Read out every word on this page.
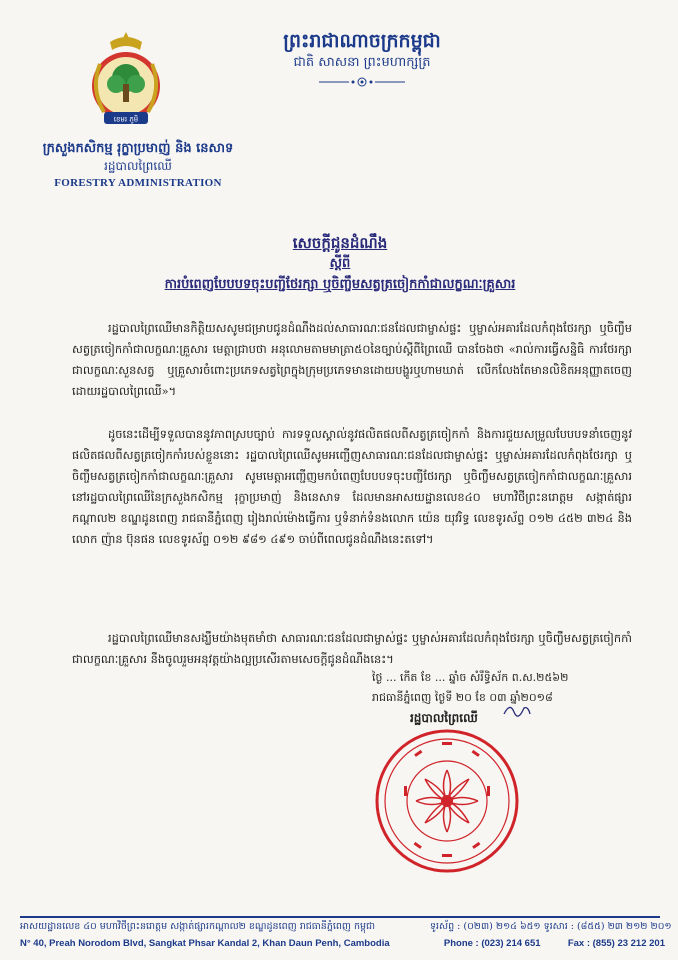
ខេមរ ភូមិ
ក្រសួងកសិកម្ម រុក្ខាប្រមាញ់ និង នេសាទ
រដ្ឋបាលព្រៃឈើ
FORESTRY ADMINISTRATION
ព្រះរាជាណាចក្រកម្ពុជា
ជាតិ សាសនា ព្រះមហាក្សត្រ
សេចក្តីជូនដំណឹង
ស្តីពី
ការបំពេញបែបបទចុះបញ្ជីថែរក្សា ឬចិញ្ចឹមសត្វត្រចៀកកាំជាលក្ខណៈគ្រួសារ
រដ្ឋបាលព្រៃឈើមានកិត្តិយសសូមជម្រាបជូនដំណឹងដល់សាធារណៈជនដែលជាម្ចាស់ផ្ទះ ឬម្ចាស់អគារដែលកំពុងថែរក្សា ឬចិញ្ចឹមសត្វត្រចៀកកាំជាលក្ខណៈគ្រួសារ មេត្តាជ្រាបថា អនុលោមតាមមាត្រា៥០នៃច្បាប់ស្តីពីព្រៃឈើ បានចែងថា «រាល់ការធ្វើសន្និធិ ការថែរក្សាជាលក្ខណៈសួនសត្វ ឬគ្រួសារចំពោះប្រភេទសត្វព្រៃក្នុងក្រុមប្រភេទមានដោយបង្ហូរឬហាមឃាត់ លើកលែងតែមានលិខិតអនុញ្ញាតចេញដោយរដ្ឋបាលព្រៃឈើ»។
ដូចនេះដើម្បីទទួលបាននូវភាពស្របច្បាប់ ការទទួលស្គាល់នូវផលិតផលពីសត្វត្រចៀកកាំ និងការជួយសម្រួលបែបបទនាំចេញនូវផលិតផលពីសត្វត្រចៀកកាំរបស់ខ្លួននោះ រដ្ឋបាលព្រៃឈើសូមអញ្ជើញសាធារណៈជនដែលជាម្ចាស់ផ្ទះ ឬម្ចាស់អគារដែលកំពុងថែរក្សា ឬចិញ្ចឹមសត្វត្រចៀកកាំជាលក្ខណៈគ្រួសារ សូមមេត្តាអញ្ជើញមកបំពេញបែបបទចុះបញ្ជីថែរក្សា ឬចិញ្ចឹមសត្វត្រចៀកកាំជាលក្ខណៈគ្រួសារ នៅរដ្ឋបាលព្រៃឈើនៃក្រសួងកសិកម្ម រុក្ខាប្រមាញ់ និងនេសាទ ដែលមានអាសយដ្ឋានលេខ៤០ មហាវិថីព្រះនរោត្តម សង្កាត់ផ្សារកណ្តាល២ ខណ្ឌដូនពេញ រាជធានីភ្នំពេញ រៀងរាល់ម៉ោងធ្វើការ ឬទំនាក់ទំនងលោក យ៉េន យុវរិទ្ធ លេខទូរស័ព្ទ ០១២ ៤៥២ ៣២៤ និងលោក ញ៉ាន ប៊ុនផន លេខទូរស័ព្ទ ០១២ ៩៨១ ៤៩១ ចាប់ពីពេលជូនដំណឹងនេះតទៅ។
រដ្ឋបាលព្រៃឈើមានសង្ឃឹមយ៉ាងមុតមាំថា សាធារណៈជនដែលជាម្ចាស់ផ្ទះ ឬម្ចាស់អគារដែលកំពុងថែរក្សា ឬចិញ្ចឹមសត្វត្រចៀកកាំជាលក្ខណៈគ្រួសារ នឹងចូលរួមអនុវត្តយ៉ាងល្អប្រសើរតាមសេចក្តីជូនដំណឹងនេះ។
ថ្ងៃ ... កើត ខែ ... ឆ្នាំច សំរឹទ្ធិស័ក ព.ស.២៥៦២
រាជធានីភ្នំពេញ ថ្ងៃទី ២០ ខែ ០៣ ឆ្នាំ២០១៨
រដ្ឋបាលព្រៃឈើ
អាសយដ្ឋានលេខ ៤០ មហាវិថីព្រះនរោត្តម សង្កាត់ផ្សារកណ្តាល២ ខណ្ឌដូនពេញ រាជធានីភ្នំពេញ កម្ពុជា	ទូរស័ព្ទ : (០២៣) ២១៤ ៦៥១ ទូរសារ : (៨៥៥) ២៣ ២១២ ២០១
N° 40, Preah Norodom Blvd, Sangkat Phsar Kandal 2, Khan Daun Penh, Cambodia	Phone : (023) 214 651	Fax : (855) 23 212 201
